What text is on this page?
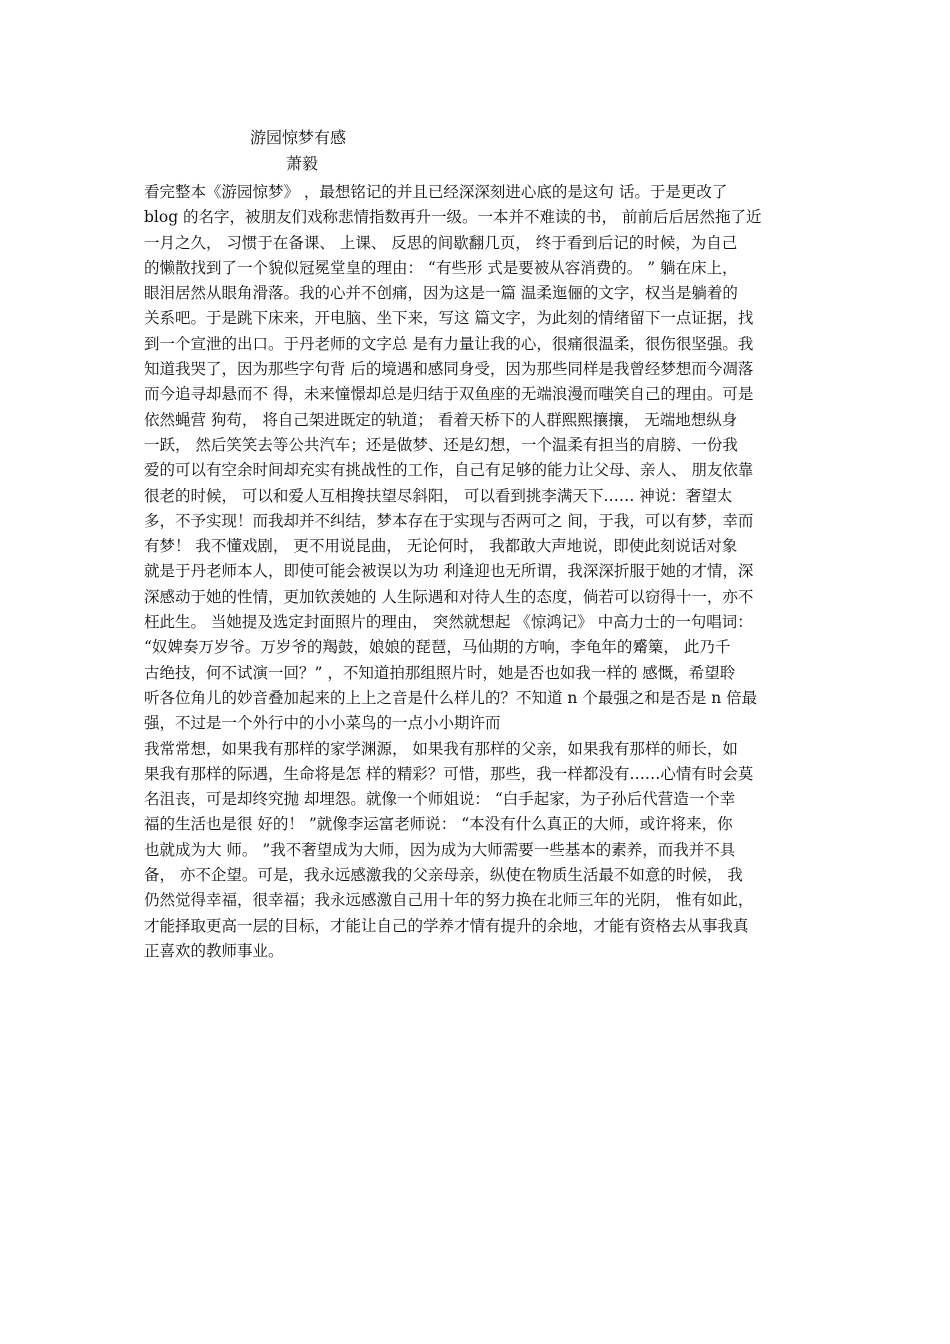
游园惊梦有感
萧毅
看完整本《游园惊梦》 ，最想铭记的并且已经深深刻进心底的是这句 话。于是更改了
blog 的名字，被朋友们戏称悲情指数再升一级。一本并不难读的书， 前前后后居然拖了近
一月之久， 习惯于在备课、 上课、 反思的间歇翻几页， 终于看到后记的时候，为自己
的懒散找到了一个貌似冠冕堂皇的理由： “有些形 式是要被从容消费的。 ” 躺在床上，
眼泪居然从眼角滑落。我的心并不创痛，因为这是一篇 温柔迤俪的文字，权当是躺着的
关系吧。于是跳下床来，开电脑、坐下来，写这 篇文字，为此刻的情绪留下一点证据，找
到一个宣泄的出口。于丹老师的文字总 是有力量让我的心，很痛很温柔，很伤很坚强。我
知道我哭了，因为那些字句背 后的境遇和感同身受，因为那些同样是我曾经梦想而今凋落
而今追寻却悬而不 得，未来憧憬却总是归结于双鱼座的无端浪漫而嗤笑自己的理由。可是
依然蝇营 狗苟， 将自己架进既定的轨道； 看着天桥下的人群熙熙攘攘， 无端地想纵身
一跃， 然后笑笑去等公共汽车；还是做梦、还是幻想，一个温柔有担当的肩膀、一份我
爱的可以有空余时间却充实有挑战性的工作，自己有足够的能力让父母、亲人、 朋友依靠
很老的时候， 可以和爱人互相搀扶望尽斜阳， 可以看到挑李满天下…… 神说：奢望太
多，不予实现！而我却并不纠结，梦本存在于实现与否两可之 间，于我，可以有梦，幸而
有梦！ 我不懂戏剧， 更不用说昆曲， 无论何时， 我都敢大声地说，即使此刻说话对象
就是于丹老师本人，即使可能会被误以为功 利逢迎也无所谓，我深深折服于她的才情，深
深感动于她的性情，更加钦羡她的 人生际遇和对待人生的态度，倘若可以窃得十一，亦不
枉此生。 当她提及选定封面照片的理由， 突然就想起 《惊鸿记》 中高力士的一句唱词：
“奴婢奏万岁爷。万岁爷的羯鼓，娘娘的琵琶，马仙期的方响，李龟年的觱篥， 此乃千
古绝技，何不试演一回？” ，不知道拍那组照片时，她是否也如我一样的 感慨，希望聆
听各位角儿的妙音叠加起来的上上之音是什么样儿的？不知道 n 个最强之和是否是 n 倍最
强，不过是一个外行中的小小菜鸟的一点小小期许而
我常常想，如果我有那样的家学渊源， 如果我有那样的父亲，如果我有那样的师长，如
果我有那样的际遇，生命将是怎 样的精彩？可惜，那些，我一样都没有……心情有时会莫
名沮丧，可是却终究抛 却埋怨。就像一个师姐说： “白手起家，为子孙后代营造一个幸
福的生活也是很 好的！ ”就像李运富老师说： “本没有什么真正的大师，或许将来，你
也就成为大 师。 ”我不奢望成为大师，因为成为大师需要一些基本的素养，而我并不具
备， 亦不企望。可是，我永远感激我的父亲母亲，纵使在物质生活最不如意的时候， 我
仍然觉得幸福，很幸福；我永远感激自己用十年的努力换在北师三年的光阴， 惟有如此，
才能择取更高一层的目标，才能让自己的学养才情有提升的余地，才能有资格去从事我真
正喜欢的教师事业。
